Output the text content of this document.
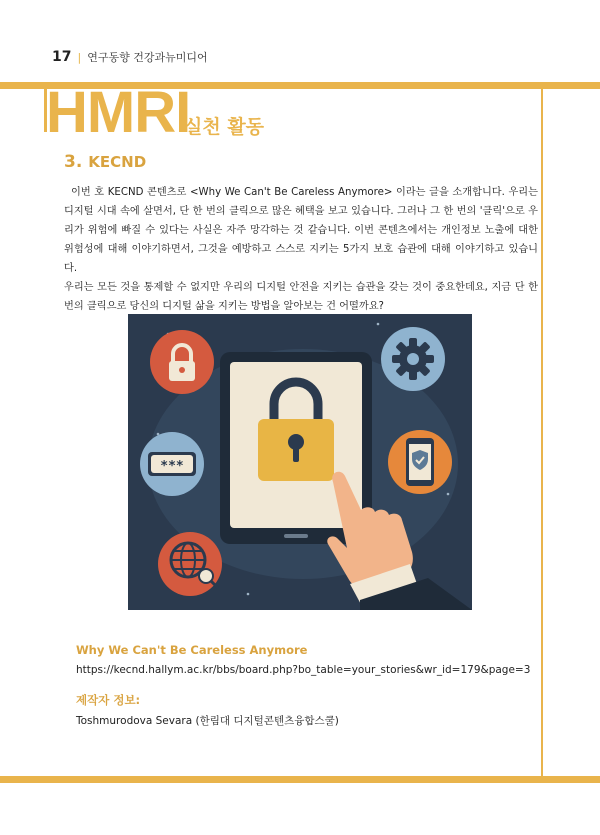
17 | 연구동향 건강과뉴미디어
HMRI
실천 활동
3. KECND

이번 호 KECND 콘텐츠로 <Why We Can't Be Careless Anymore> 이라는 글을 소개합니다. 우리는 디지털 시대 속에 살면서, 단 한 번의 클릭으로 많은 혜택을 보고 있습니다. 그러나 그 한 번의 '클릭'으로 우리가 위험에 빠질 수 있다는 사실은 자주 망각하는 것 같습니다. 이번 콘텐츠에서는 개인정보 노출에 대한 위험성에 대해 이야기하면서, 그것을 예방하고 스스로 지키는 5가지 보호 습관에 대해 이야기하고 있습니다.

우리는 모든 것을 통제할 수 없지만 우리의 디지털 안전을 지키는 습관을 갖는 것이 중요한데요, 지금 단 한 번의 클릭으로 당신의 디지털 삶을 지키는 방법을 알아보는 건 어떨까요?

***
Why We Can't Be Careless Anymore
https://kecnd.hallym.ac.kr/bbs/board.php?bo_table=your_stories&wr_id=179&page=3
제작자 정보:
Toshmurodova Sevara (한림대 디지털콘텐츠융합스쿨)
